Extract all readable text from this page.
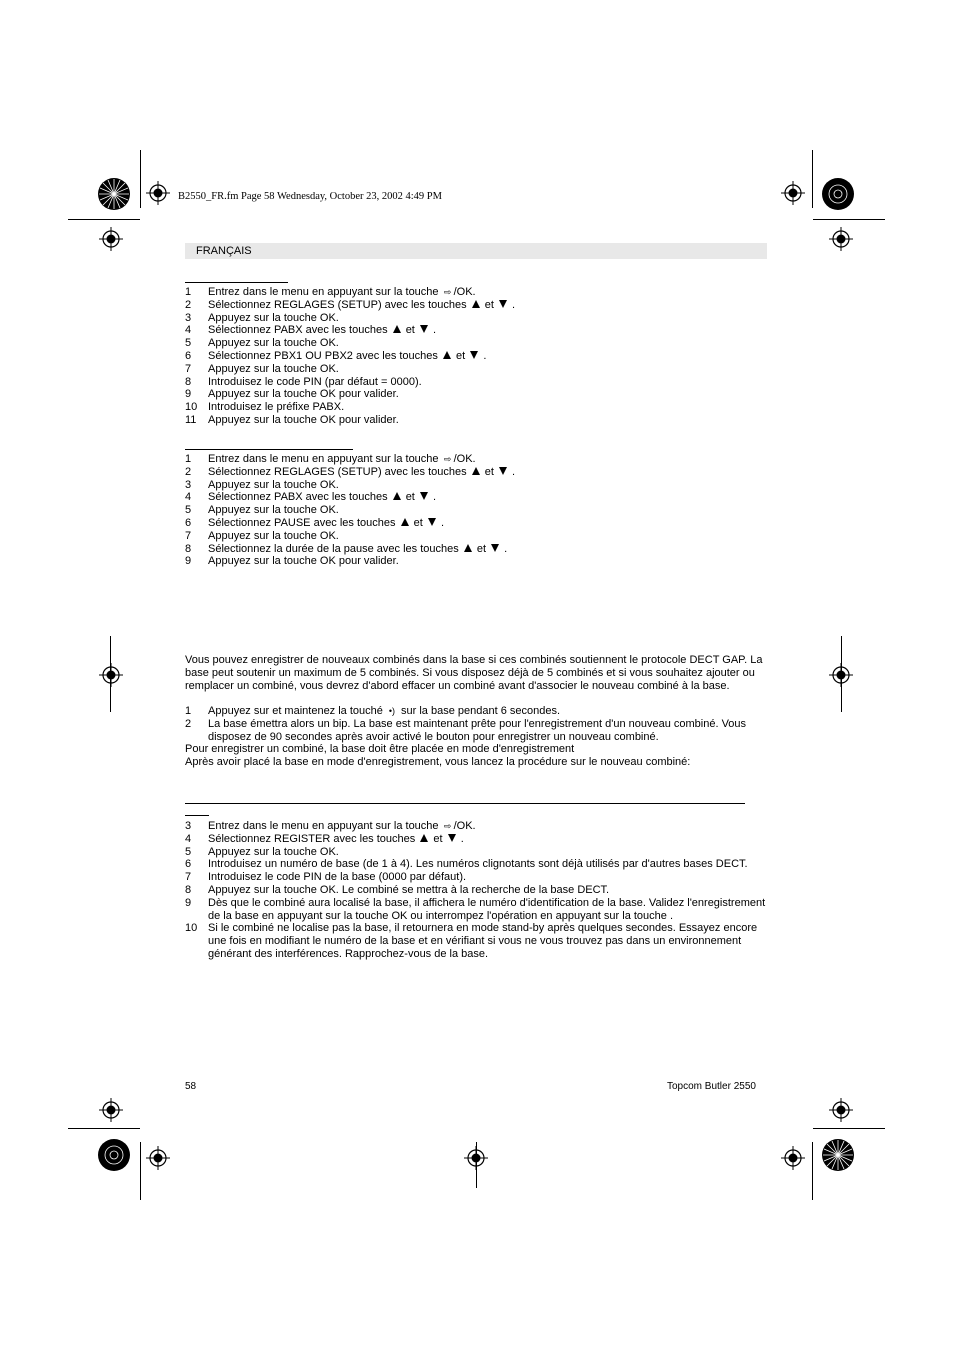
B2550_FR.fm Page 58 Wednesday, October 23, 2002 4:49 PM
FRANÇAIS
1 Entrez dans le menu en appuyant sur la touche ⇨ /OK.
2 Sélectionnez REGLAGES (SETUP) avec les touches  et .
3 Appuyez sur la touche OK.
4 Sélectionnez PABX avec les touches  et .
5 Appuyez sur la touche OK.
6 Sélectionnez PBX1 OU PBX2 avec les touches  et .
7 Appuyez sur la touche OK.
8 Introduisez le code PIN (par défaut = 0000).
9 Appuyez sur la touche OK pour valider.
10 Introduisez le préfixe PABX.
11 Appuyez sur la touche OK pour valider.
1 Entrez dans le menu en appuyant sur la touche ⇨ /OK.
2 Sélectionnez REGLAGES (SETUP) avec les touches  et .
3 Appuyez sur la touche OK.
4 Sélectionnez PABX avec les touches  et .
5 Appuyez sur la touche OK.
6 Sélectionnez PAUSE avec les touches  et .
7 Appuyez sur la touche OK.
8 Sélectionnez la durée de la pause avec les touches  et .
9 Appuyez sur la touche OK pour valider.

Vous pouvez enregistrer de nouveaux combinés dans la base si ces combinés soutiennent le protocole DECT GAP. La base peut soutenir un maximum de 5 combinés. Si vous disposez déjà de 5 combinés et si vous souhaitez ajouter ou remplacer un combiné, vous devrez d'abord effacer un combiné avant d'associer le nouveau combiné à la base.

1 Appuyez sur et maintenez la touché •) sur la base pendant 6 secondes.
2 La base émettra alors un bip. La base est maintenant prête pour l'enregistrement d'un nouveau combiné. Vous disposez de 90 secondes après avoir activé le bouton pour enregistrer un nouveau combiné.

Pour enregistrer un combiné, la base doit être placée en mode d'enregistrement

Après avoir placé la base en mode d'enregistrement, vous lancez la procédure sur le nouveau combiné:

3 Entrez dans le menu en appuyant sur la touche ⇨ /OK.
4 Sélectionnez REGISTER avec les touches  et .
5 Appuyez sur la touche OK.
6 Introduisez un numéro de base (de 1 à 4). Les numéros clignotants sont déjà utilisés par d'autres bases DECT.
7 Introduisez le code PIN de la base (0000 par défaut).
8 Appuyez sur la touche OK. Le combiné se mettra à la recherche de la base DECT.
9 Dès que le combiné aura localisé la base, il affichera le numéro d'identification de la base. Validez l'enregistrement de la base en appuyant sur la touche OK ou interrompez l'opération en appuyant sur la touche .
10 Si le combiné ne localise pas la base, il retournera en mode stand-by après quelques secondes. Essayez encore une fois en modifiant le numéro de la base et en vérifiant si vous ne vous trouvez pas dans un environnement générant des interférences. Rapprochez-vous de la base.
58	Topcom Butler 2550
